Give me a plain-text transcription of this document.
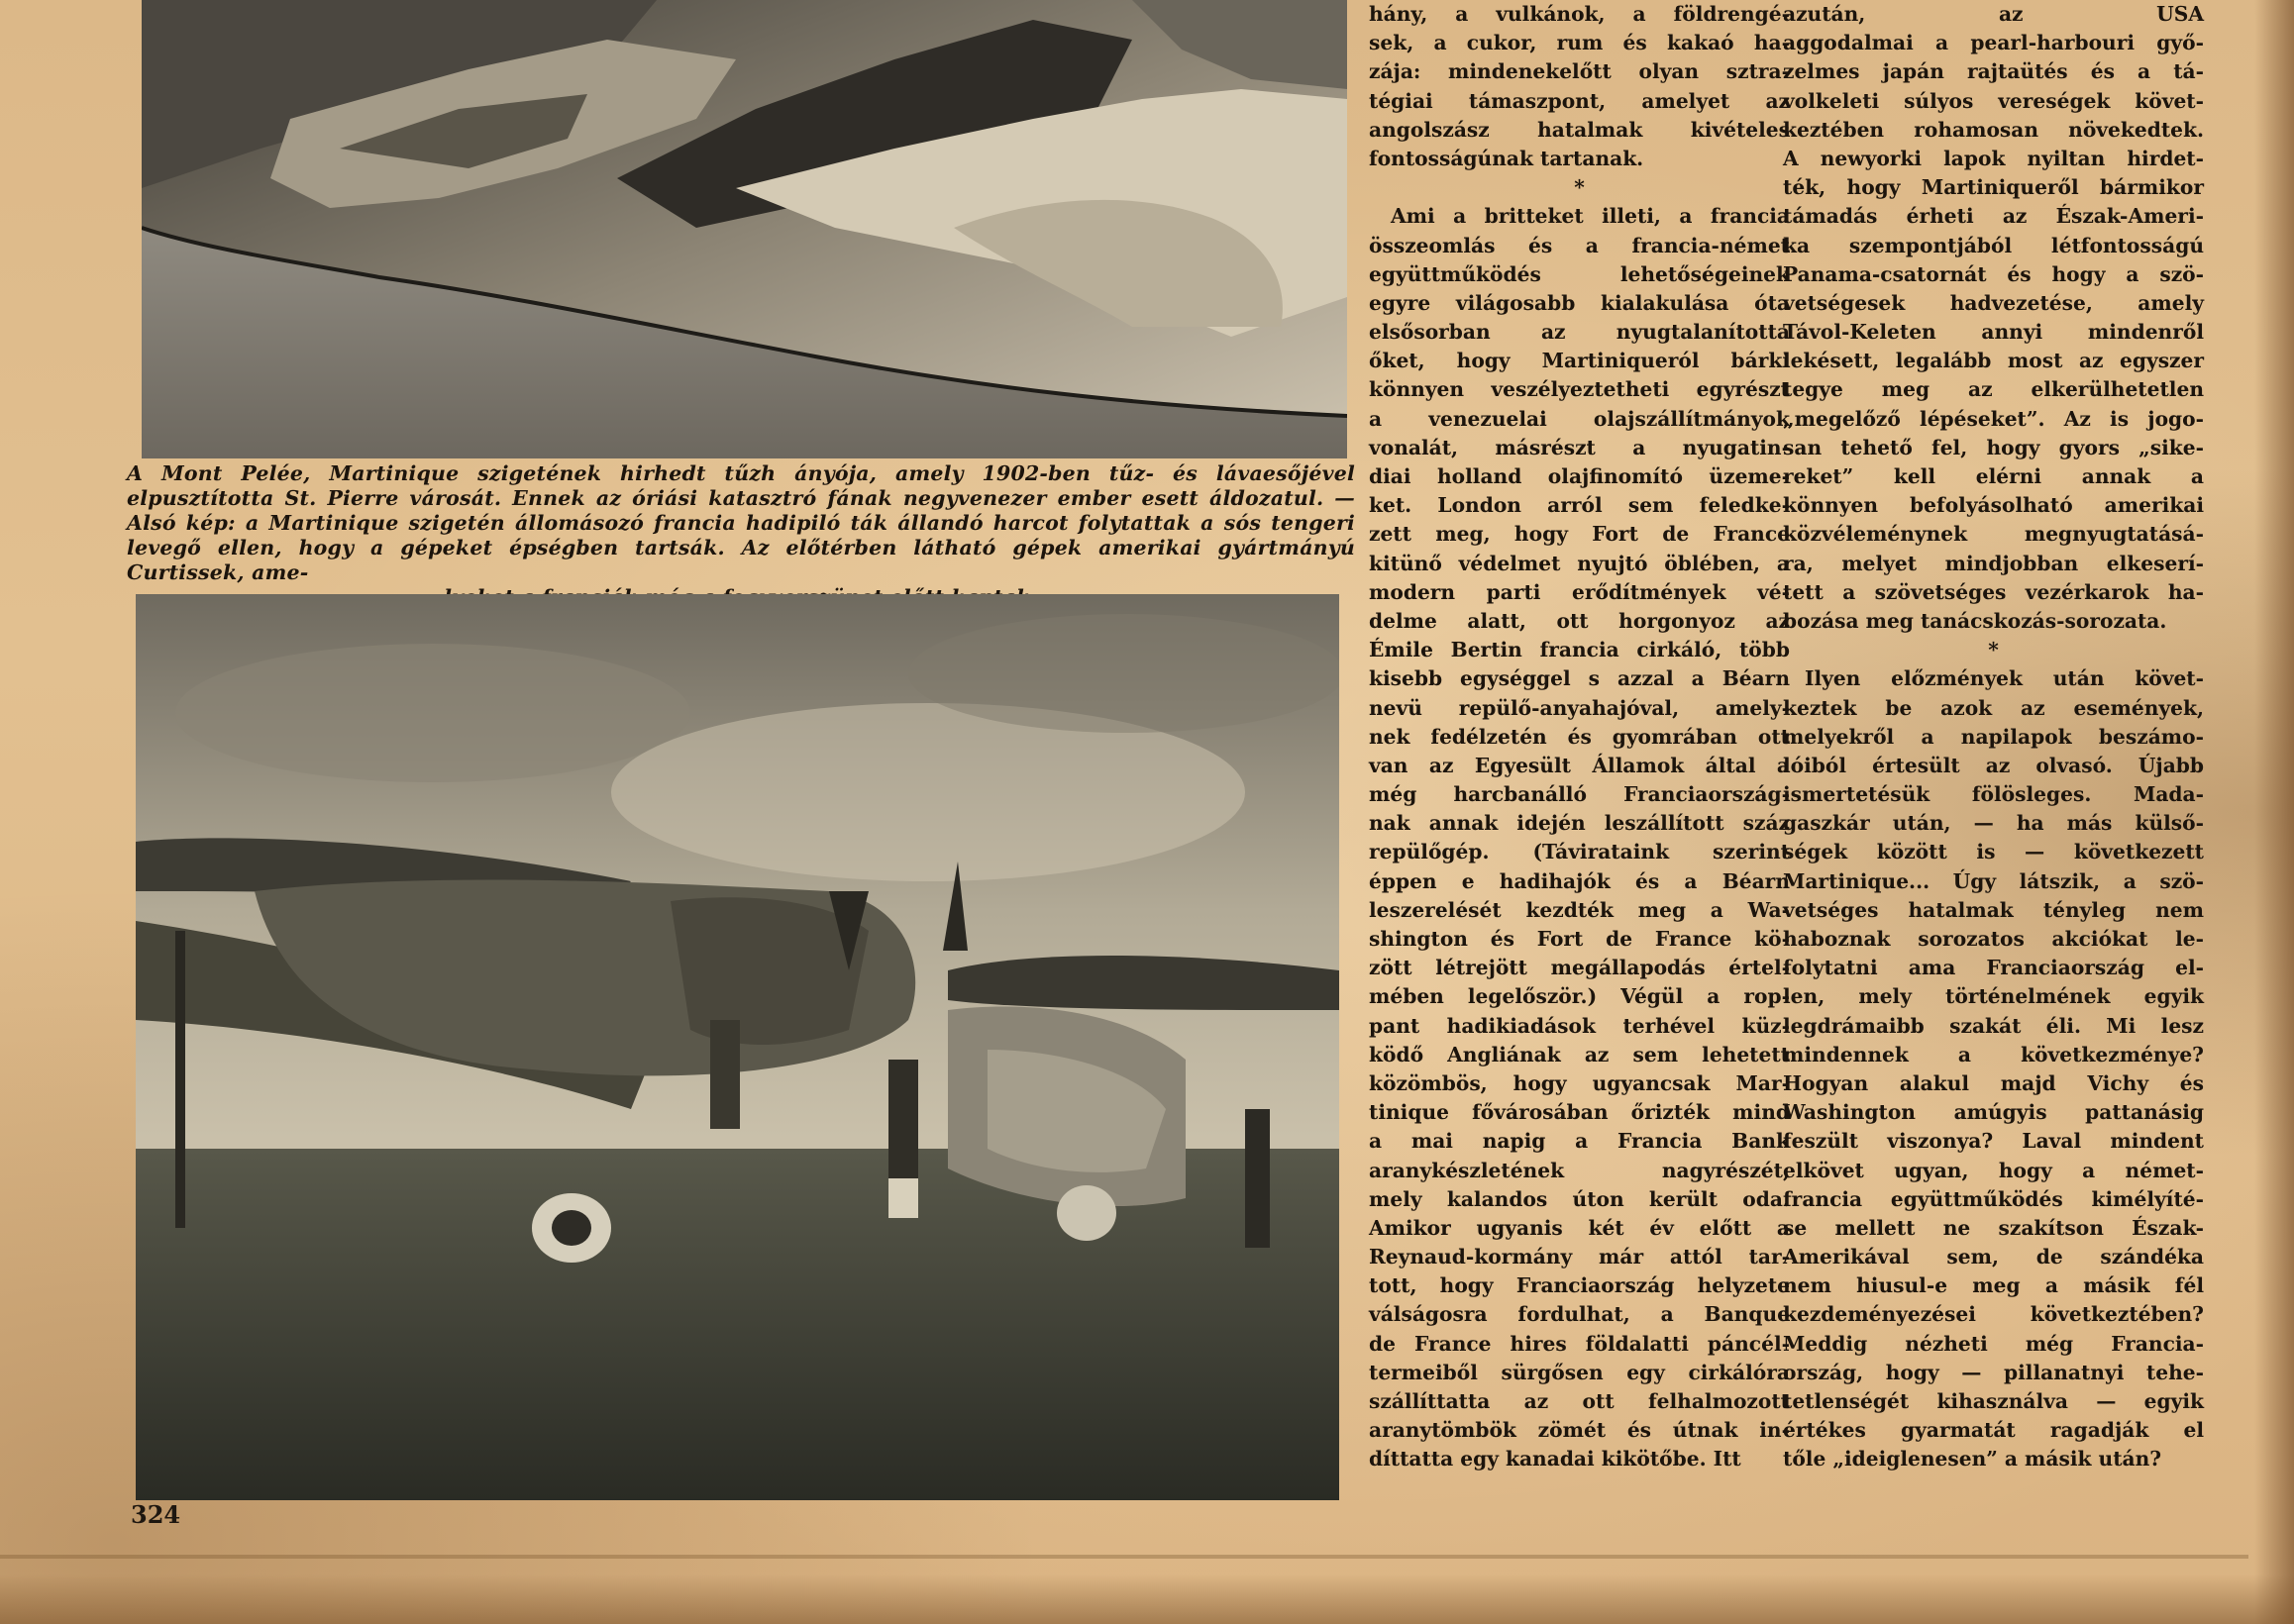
A Mont Pelée, Martinique szigetének hirhedt tűzh ányója, amely 1902-ben tűz- és lávaesőjével elpusztította St. Pierre városát. Ennek az óriási katasztró fának negyvenezer ember esett áldozatul. — Alsó kép: a Martinique szigetén állomásozó francia hadipiló ták állandó harcot folytattak a sós tengeri levegő ellen, hogy a gépeket épségben tartsák. Az előtérben látható gépek amerikai gyártmányú Curtissek, ame-
324
hány, a vulkánok, a földrengé-
sek, a cukor, rum és kakaó ha-
zája: mindenekelőtt olyan sztra-
tégiai támaszpont, amelyet az
angolszász hatalmak kivételes
fontosságúnak tartanak.
*
Ami a britteket illeti, a francia
összeomlás és a francia-német
együttműködés lehetőségeinek
egyre világosabb kialakulása óta
elsősorban az nyugtalanította
őket, hogy Martiniqueról bárki
könnyen veszélyeztetheti egyrészt
a venezuelai olajszállítmányok
vonalát, másrészt a nyugatin-
diai holland olajfinomító üzeme-
ket. London arról sem feledke-
zett meg, hogy Fort de France
kitünő védelmet nyujtó öblében, a
modern parti erődítmények vé-
delme alatt, ott horgonyoz az
Émile Bertin francia cirkáló, több
kisebb egységgel s azzal a Béarn
nevü repülő-anyahajóval, amely-
nek fedélzetén és gyomrában ott
van az Egyesült Államok által a
még harcbanálló Franciaország-
nak annak idején leszállított száz
repülőgép. (Távirataink szerint
éppen e hadihajók és a Béarn
leszerelését kezdték meg a Wa-
shington és Fort de France kö-
zött létrejött megállapodás értel-
mében legelőször.) Végül a rop-
pant hadikiadások terhével küz-
ködő Angliának az sem lehetett
közömbös, hogy ugyancsak Mar-
tinique fővárosában őrizték mind
a mai napig a Francia Bank
aranykészletének nagyrészét,
mely kalandos úton került oda.
Amikor ugyanis két év előtt a
Reynaud-kormány már attól tar-
tott, hogy Franciaország helyzete
válságosra fordulhat, a Banque
de France hires földalatti páncél-
termeiből sürgősen egy cirkálóra
szállíttatta az ott felhalmozott
aranytömbök zömét és útnak in-
díttatta egy kanadai kikötőbe. Itt
azután, az USA
aggodalmai a pearl-harbouri győ-
zelmes japán rajtaütés és a tá-
volkeleti súlyos vereségek követ-
keztében rohamosan növekedtek.
A newyorki lapok nyiltan hirdet-
ték, hogy Martiniqueről bármikor
támadás érheti az Észak-Ameri-
ka szempontjából létfontosságú
Panama-csatornát és hogy a szö-
vetségesek hadvezetése, amely
Távol-Keleten annyi mindenről
lekésett, legalább most az egyszer
tegye meg az elkerülhetetlen
„megelőző lépéseket”. Az is jogo-
san tehető fel, hogy gyors „sike-
reket” kell elérni annak a
könnyen befolyásolható amerikai
közvéleménynek megnyugtatásá-
ra, melyet mindjobban elkeserí-
tett a szövetséges vezérkarok ha-
bozása meg tanácskozás-sorozata.
*
Ilyen előzmények után követ-
keztek be azok az események,
melyekről a napilapok beszámo-
lóiból értesült az olvasó. Újabb
ismertetésük fölösleges. Mada-
gaszkár után, — ha más külső-
ségek között is — következett
Martinique... Úgy látszik, a szö-
vetséges hatalmak tényleg nem
haboznak sorozatos akciókat le-
folytatni ama Franciaország el-
len, mely történelmének egyik
legdrámaibb szakát éli. Mi lesz
mindennek a következménye?
Hogyan alakul majd Vichy és
Washington amúgyis pattanásig
feszült viszonya? Laval mindent
elkövet ugyan, hogy a német-
francia együttműködés kimélyíté-
se mellett ne szakítson Észak-
Amerikával sem, de szándéka
nem hiusul-e meg a másik fél
kezdeményezései következtében?
Meddig nézheti még Francia-
ország, hogy — pillanatnyi tehe-
tetlenségét kihasználva — egyik
értékes gyarmatát ragadják el
tőle „ideiglenesen” a másik után?
